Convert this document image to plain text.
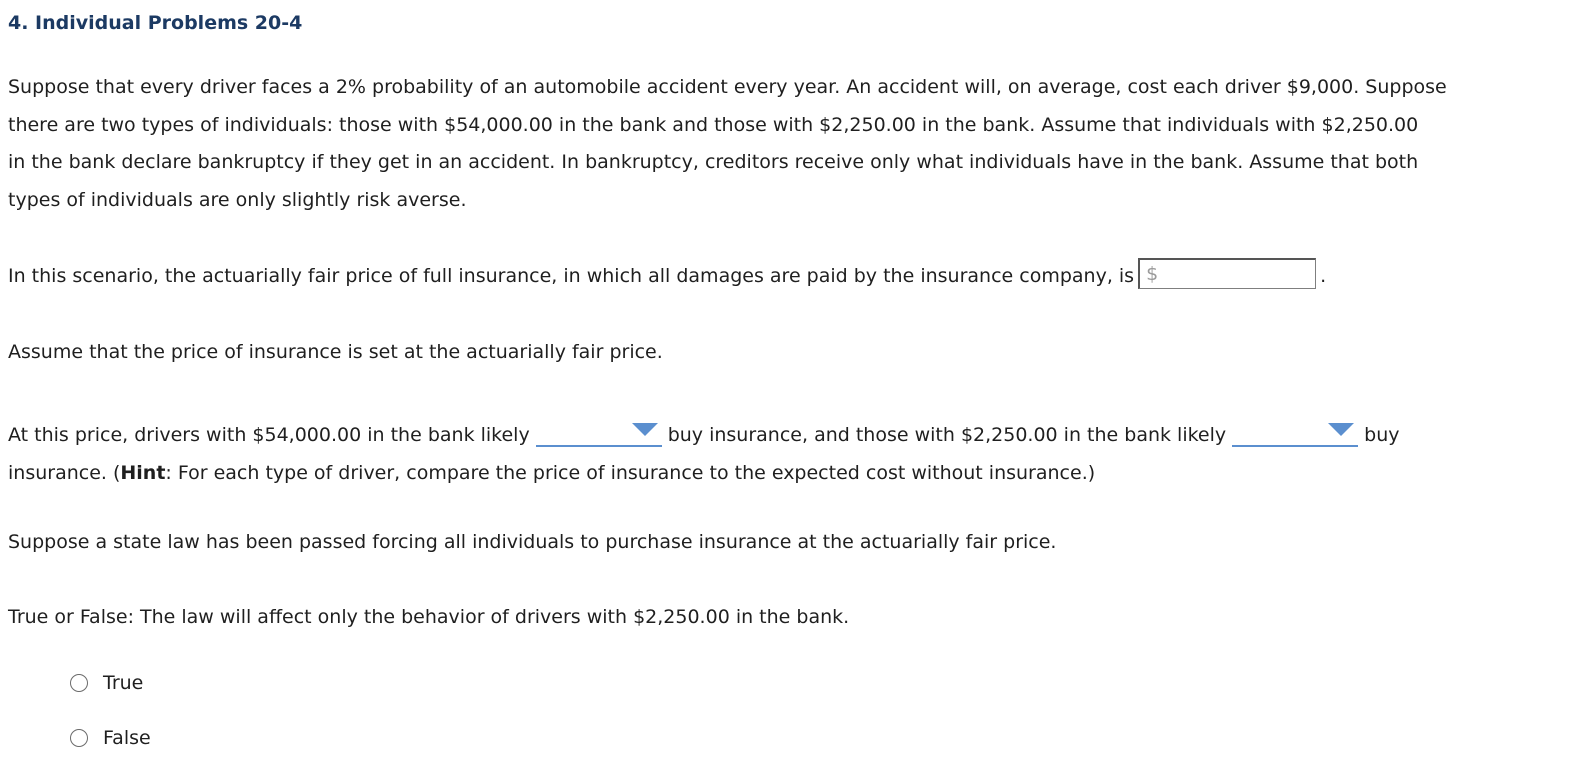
4. Individual Problems 20-4

Suppose that every driver faces a 2% probability of an automobile accident every year. An accident will, on average, cost each driver $9,000. Suppose
there are two types of individuals: those with $54,000.00 in the bank and those with $2,250.00 in the bank. Assume that individuals with $2,250.00
in the bank declare bankruptcy if they get in an accident. In bankruptcy, creditors receive only what individuals have in the bank. Assume that both
types of individuals are only slightly risk averse.

In this scenario, the actuarially fair price of full insurance, in which all damages are paid by the insurance company, is $	.

Assume that the price of insurance is set at the actuarially fair price.

At this price, drivers with $54,000.00 in the bank likely	buy insurance, and those with $2,250.00 in the bank likely	buy
insurance. (Hint: For each type of driver, compare the price of insurance to the expected cost without insurance.)

Suppose a state law has been passed forcing all individuals to purchase insurance at the actuarially fair price.

True or False: The law will affect only the behavior of drivers with $2,250.00 in the bank.

True
False
